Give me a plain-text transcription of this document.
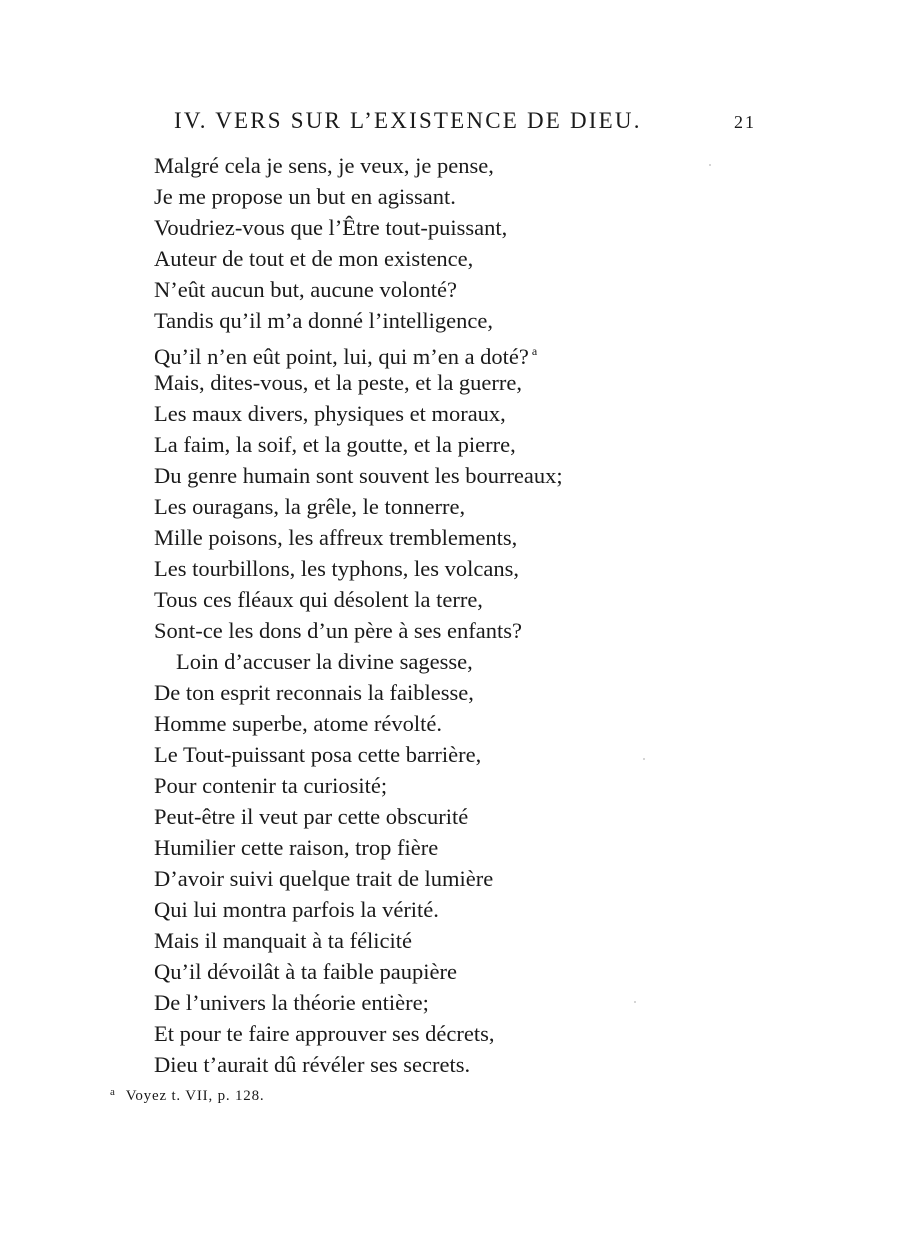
IV. VERS SUR L’EXISTENCE DE DIEU.	21
Malgré cela je sens, je veux, je pense,
Je me propose un but en agissant.
Voudriez-vous que l’Être tout-puissant,
Auteur de tout et de mon existence,
N’eût aucun but, aucune volonté?
Tandis qu’il m’a donné l’intelligence,
Qu’il n’en eût point, lui, qui m’en a doté? $^a$
Mais, dites-vous, et la peste, et la guerre,
Les maux divers, physiques et moraux,
La faim, la soif, et la goutte, et la pierre,
Du genre humain sont souvent les bourreaux;
Les ouragans, la grêle, le tonnerre,
Mille poisons, les affreux tremblements,
Les tourbillons, les typhons, les volcans,
Tous ces fléaux qui désolent la terre,
Sont-ce les dons d’un père à ses enfants?
Loin d’accuser la divine sagesse,
De ton esprit reconnais la faiblesse,
Homme superbe, atome révolté.
Le Tout-puissant posa cette barrière,
Pour contenir ta curiosité;
Peut-être il veut par cette obscurité
Humilier cette raison, trop fière
D’avoir suivi quelque trait de lumière
Qui lui montra parfois la vérité.
Mais il manquait à ta félicité
Qu’il dévoilât à ta faible paupière
De l’univers la théorie entière;
Et pour te faire approuver ses décrets,
Dieu t’aurait dû révéler ses secrets.
$^a$ Voyez t. VII, p. 128.
